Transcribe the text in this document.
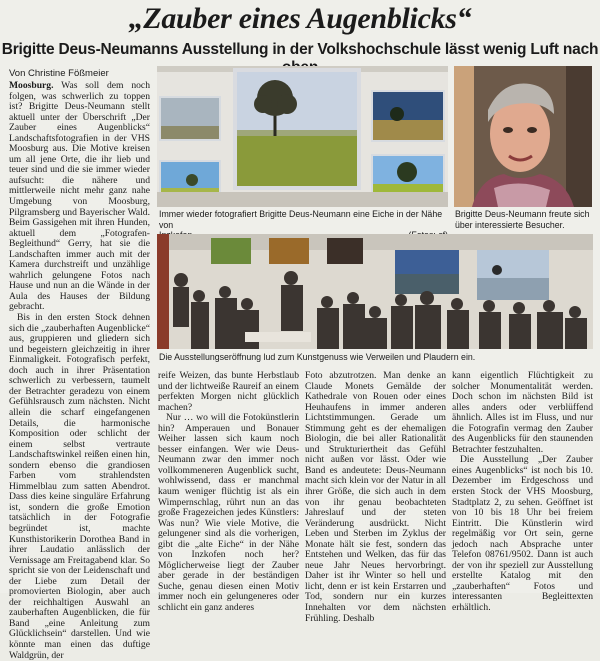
„Zauber eines Augenblicks“
Brigitte Deus-Neumanns Ausstellung in der Volkshochschule lässt wenig Luft nach
Von Christine Fößmeier
Immer wieder fotografiert Brigitte Deus-Neumann eine Eiche in der Nähe von
Brigitte Deus-Neumann freute sich
über interessierte Besucher.
Die Ausstellungseröffnung lud zum Kunstgenuss wie Verweilen und Plaudern ein.

Moosburg. Was soll dem noch folgen, was schwerlich zu toppen ist? Brigitte Deus-Neumann stellt aktuell unter der Überschrift „Der Zauber eines Augenblicks“ Landschaftsfotografien in der VHS Moosburg aus. Die Motive kreisen um all jene Orte, die ihr lieb und teuer sind und die sie immer wieder aufsucht: die nähere und mittlerweile nicht mehr ganz nahe Umgebung von Moosburg, Pilgramsberg und Bayerischer Wald. Beim Gassigehen mit ihren Hunden, aktuell dem „Fotografen-Begleithund“ Gerry, hat sie die Landschaften immer auch mit der Kamera durchstreift und unzählige wahrlich gelungene Fotos nach Hause und nun an die Wände in der Aula des Hauses der Bildung gebracht.

Bis in den ersten Stock dehnen sich die „zauberhaften Augenblicke“ aus, gruppieren und gliedern sich und begeistern gleichzeitig in ihrer Einmaligkeit. Fotografisch perfekt, doch auch in ihrer Präsentation schwerlich zu verbessern, taumelt der Betrachter geradezu von einem Gefühlsrausch zum nächsten. Nicht allein die scharf eingefangenen Details, die harmonische Komposition oder schlicht der einem selbst vertraute Landschaftswinkel reißen einen hin, sondern ebenso die grandiosen Farben vom strahlendsten Himmelblau zum satten Abendrot. Dass dies keine singuläre Erfahrung ist, sondern die große Emotion tatsächlich in der Fotografie begründet ist, machte Kunsthistorikerin Dorothea Band in ihrer Laudatio anlässlich der Vernissage am Freitagabend klar. So spricht sie von der Leidenschaft und der Liebe zum Detail der promovierten Biologin, aber auch der reichhaltigen Auswahl an zauberhaften Augenblicken, die für Band „eine Anleitung zum Glücklichsein“ darstellen. Und wie könnte man einen das duftige Waldgrün, der

reife Weizen, das bunte Herbstlaub und der lichtweiße Raureif an einem perfekten Morgen nicht glücklich machen?

Nur … wo will die Fotokünstlerin hin? Amperauen und Bonauer Weiher lassen sich kaum noch besser einfangen. Wer wie Deus-Neumann zwar den immer noch vollkommeneren Augenblick sucht, wohlwissend, dass er manchmal kaum weniger flüchtig ist als ein Wimpernschlag, rührt nun an das große Fragezeichen jedes Künstlers: Was nun? Wie viele Motive, die gelungener sind als die vorherigen, gibt die „alte Eiche“ in der Nähe von Inzkofen noch her? Möglicherweise liegt der Zauber aber gerade in der beständigen Suche, genau diesen einen Motiv immer noch ein gelungeneres oder schlicht ein ganz anderes

Foto abzutrotzen. Man denke an Claude Monets Gemälde der Kathedrale von Rouen oder eines Heuhaufens in immer anderen Lichtstimmungen. Gerade um Stimmung geht es der ehemaligen Biologin, die bei aller Rationalität und Strukturiertheit das Gefühl nicht außen vor lässt. Oder wie Band es andeutete: Deus-Neumann macht sich klein vor der Natur in all ihrer Größe, die sich auch in dem von ihr genau beobachteten Jahreslauf und der steten Veränderung ausdrückt. Nicht Leben und Sterben im Zyklus der Monate hält sie fest, sondern das Entstehen und Welken, das für das neue Jahr Neues hervorbringt. Daher ist ihr Winter so hell und licht, denn er ist kein Erstarren und Tod, sondern nur ein kurzes Innehalten vor dem nächsten Frühling. Deshalb

kann eigentlich Flüchtigkeit zu solcher Monumentalität werden. Doch schon im nächsten Bild ist alles anders oder verblüffend ähnlich. Alles ist im Fluss, und nur die Fotografin vermag den Zauber des Augenblicks für den staunenden Betrachter festzuhalten.

Die Ausstellung „Der Zauber eines Augenblicks“ ist noch bis 10. Dezember im Erdgeschoss und ersten Stock der VHS Moosburg, Stadtplatz 2, zu sehen. Geöffnet ist von 10 bis 18 Uhr bei freiem Eintritt. Die Künstlerin wird regelmäßig vor Ort sein, gerne jedoch nach Absprache unter Telefon 08761/9502. Dann ist auch der von ihr speziell zur Ausstellung erstellte Katalog mit den „zauberhaften“ Fotos und interessanten Begleittexten erhältlich.
